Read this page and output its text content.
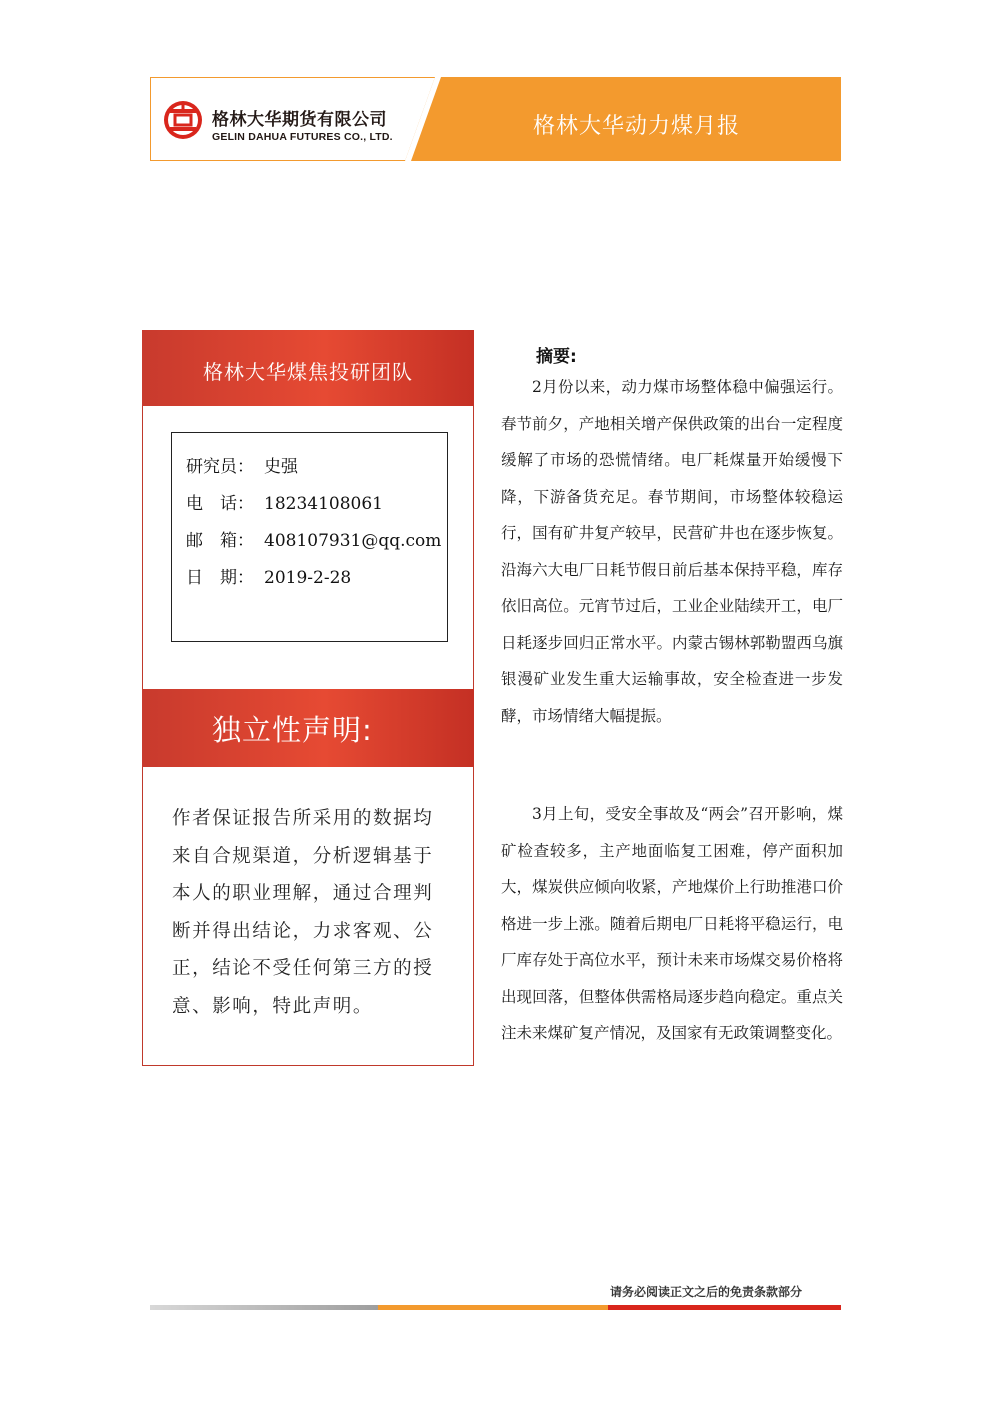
格林大华期货有限公司
GELIN DAHUA FUTURES CO., LTD.	格林大华动力煤月报
格林大华煤焦投研团队
研究员： 史强
电　话： 18234108061
邮　箱： 408107931@qq.com
日　期： 2019-2-28
独立性声明:
作者保证报告所采用的数据均来自合规渠道，分析逻辑基于本人的职业理解，通过合理判断并得出结论，力求客观、公正，结论不受任何第三方的授意、影响，特此声明。
摘要:

2月份以来，动力煤市场整体稳中偏强运行。春节前夕，产地相关增产保供政策的出台一定程度缓解了市场的恐慌情绪。电厂耗煤量开始缓慢下降，下游备货充足。春节期间，市场整体较稳运行，国有矿井复产较早，民营矿井也在逐步恢复。沿海六大电厂日耗节假日前后基本保持平稳，库存依旧高位。元宵节过后，工业企业陆续开工，电厂日耗逐步回归正常水平。内蒙古锡林郭勒盟西乌旗银漫矿业发生重大运输事故，安全检查进一步发酵，市场情绪大幅提振。

3月上旬，受安全事故及“两会”召开影响，煤矿检查较多，主产地面临复工困难，停产面积加大，煤炭供应倾向收紧，产地煤价上行助推港口价格进一步上涨。随着后期电厂日耗将平稳运行，电厂库存处于高位水平，预计未来市场煤交易价格将出现回落，但整体供需格局逐步趋向稳定。重点关注未来煤矿复产情况，及国家有无政策调整变化。

请务必阅读正文之后的免责条款部分
